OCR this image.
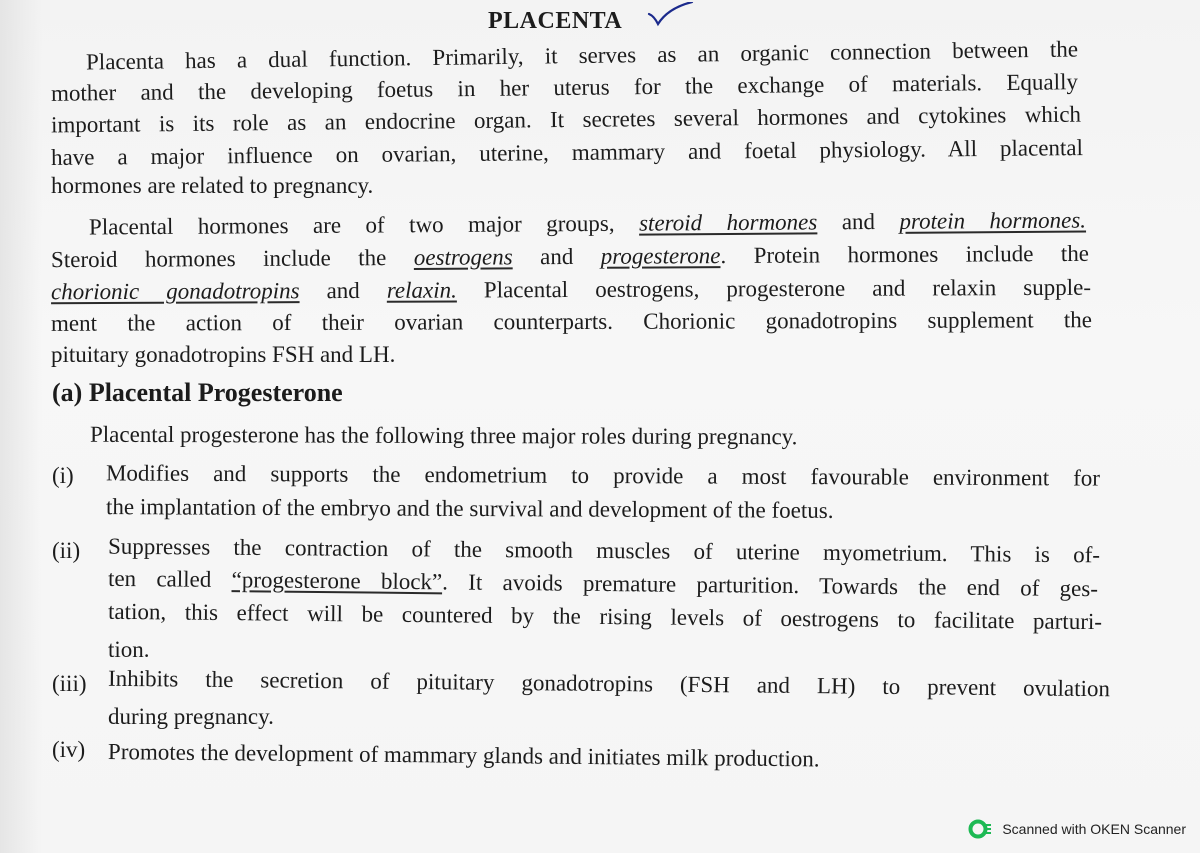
PLACENTA
Placenta has a dual function. Primarily, it serves as an organic connection between the
mother and the developing foetus in her uterus for the exchange of materials. Equally
important is its role as an endocrine organ. It secretes several hormones and cytokines which
have a major influence on ovarian, uterine, mammary and foetal physiology. All placental
hormones are related to pregnancy.
Placental hormones are of two major groups, steroid hormones and protein hormones.
Steroid hormones include the oestrogens and progesterone. Protein hormones include the
chorionic gonadotropins and relaxin. Placental oestrogens, progesterone and relaxin supple-
ment the action of their ovarian counterparts. Chorionic gonadotropins supplement the
pituitary gonadotropins FSH and LH.
(a) Placental Progesterone
Placental progesterone has the following three major roles during pregnancy.
(i) Modifies and supports the endometrium to provide a most favourable environment for
the implantation of the embryo and the survival and development of the foetus.
(ii) Suppresses the contraction of the smooth muscles of uterine myometrium. This is of-
ten called “progesterone block”. It avoids premature parturition. Towards the end of ges-
tation, this effect will be countered by the rising levels of oestrogens to facilitate parturi-
tion.
(iii) Inhibits the secretion of pituitary gonadotropins (FSH and LH) to prevent ovulation
during pregnancy.
(iv) Promotes the development of mammary glands and initiates milk production.
Scanned with OKEN Scanner
